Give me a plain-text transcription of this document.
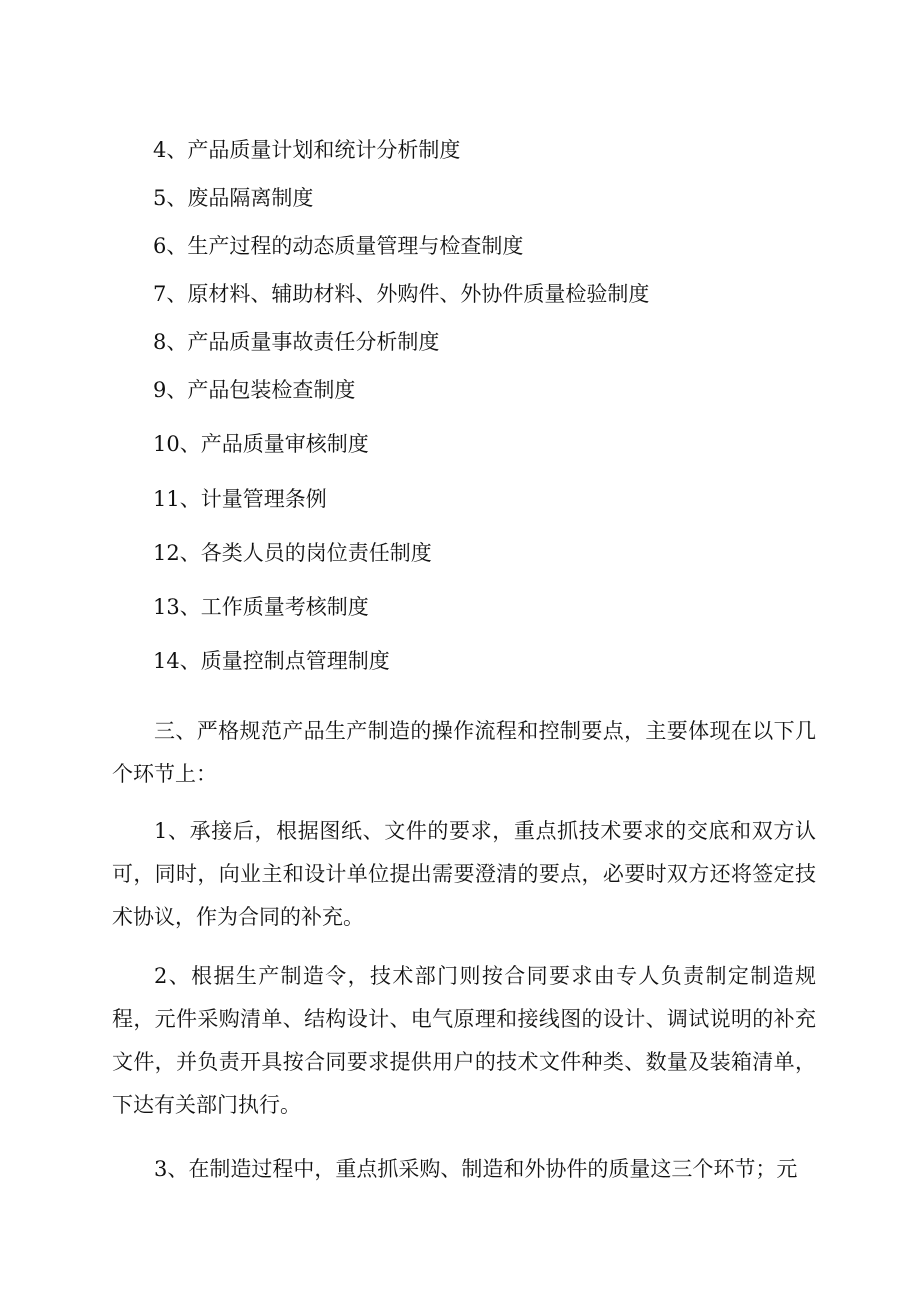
4、产品质量计划和统计分析制度
5、废品隔离制度
6、生产过程的动态质量管理与检查制度
7、原材料、辅助材料、外购件、外协件质量检验制度
8、产品质量事故责任分析制度
9、产品包装检查制度
10、产品质量审核制度
11、计量管理条例
12、各类人员的岗位责任制度
13、工作质量考核制度
14、质量控制点管理制度

三、严格规范产品生产制造的操作流程和控制要点，主要体现在以下几个环节上：

1、承接后，根据图纸、文件的要求，重点抓技术要求的交底和双方认可，同时，向业主和设计单位提出需要澄清的要点，必要时双方还将签定技术协议，作为合同的补充。

2、根据生产制造令，技术部门则按合同要求由专人负责制定制造规程，元件采购清单、结构设计、电气原理和接线图的设计、调试说明的补充文件，并负责开具按合同要求提供用户的技术文件种类、数量及装箱清单，下达有关部门执行。

3、在制造过程中，重点抓采购、制造和外协件的质量这三个环节；元
